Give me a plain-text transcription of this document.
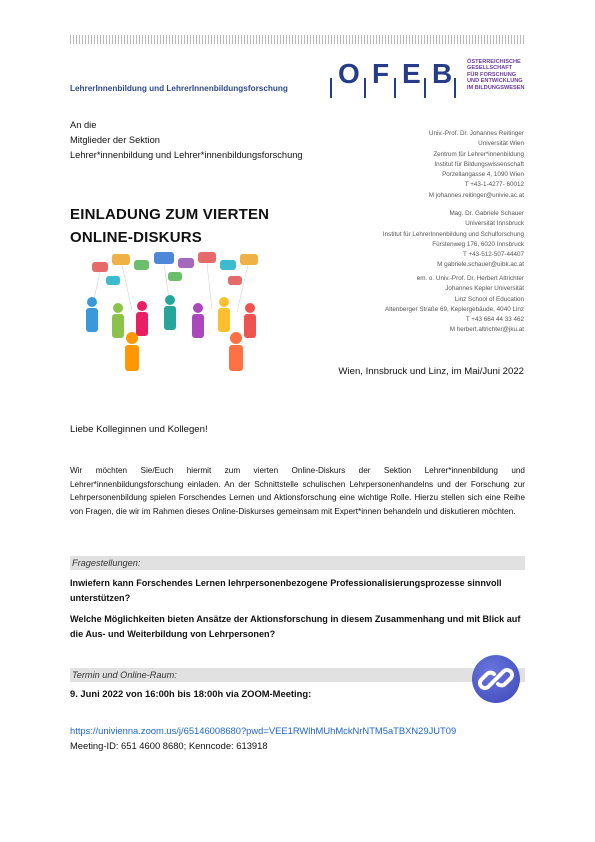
LehrerInnenbildung und LehrerInnenbildungsforschung O F E B	ÖSTERREICHISCHE
GESELLSCHAFT
FÜR FORSCHUNG
UND ENTWICKLUNG
IM BILDUNGSWESEN
An die
Mitglieder der Sektion
Lehrer*innenbildung und Lehrer*innenbildungsforschung
Univ.-Prof. Dr. Johannes Reitinger
Universität Wien
Zentrum für Lehrer*innenbildung
Institut für Bildungswissenschaft
Porzellangasse 4, 1090 Wien
T +43-1-4277- 60012
M johannes.reitinger@univie.ac.at
Mag. Dr. Gabriele Schauer
Universität Innsbruck
Institut für LehrerInnenbildung und Schulforschung
Fürstenweg 176, 6020 Innsbruck
T +43-512-507-44407
M gabriele.schauer@uibk.ac.at
em. o. Univ.-Prof. Dr. Herbert Altrichter
Johannes Kepler Universität
Linz School of Education
Altenberger Straße 69, Keplergebäude, 4040 Linz
T +43 664 44 33 462
M herbert.altrichter@jku.at
EINLADUNG ZUM VIERTEN
ONLINE-DISKURS
Wien, Innsbruck und Linz, im Mai/Juni 2022
Liebe Kolleginnen und Kollegen!
Wir möchten Sie/Euch hiermit zum vierten Online-Diskurs der Sektion Lehrer*innenbildung und Lehrer*innenbildungsforschung einladen. An der Schnittstelle schulischen Lehrpersonenhandelns und der Forschung zur Lehrpersonenbildung spielen Forschendes Lernen und Aktionsforschung eine wichtige Rolle. Hierzu stellen sich eine Reihe von Fragen, die wir im Rahmen dieses Online-Diskurses gemeinsam mit Expert*innen behandeln und diskutieren möchten.
Fragestellungen:
Inwiefern kann Forschendes Lernen lehrpersonenbezogene Professionalisierungsprozesse sinnvoll unterstützen?
Welche Möglichkeiten bieten Ansätze der Aktionsforschung in diesem Zusammenhang und mit Blick auf die Aus- und Weiterbildung von Lehrpersonen?
Termin und Online-Raum:
9. Juni 2022 von 16:00h bis 18:00h via ZOOM-Meeting:
https://univienna.zoom.us/j/65146008680?pwd=VEE1RWlhMUhMckNrNTM5aTBXN29JUT09
Meeting-ID: 651 4600 8680; Kenncode: 613918
